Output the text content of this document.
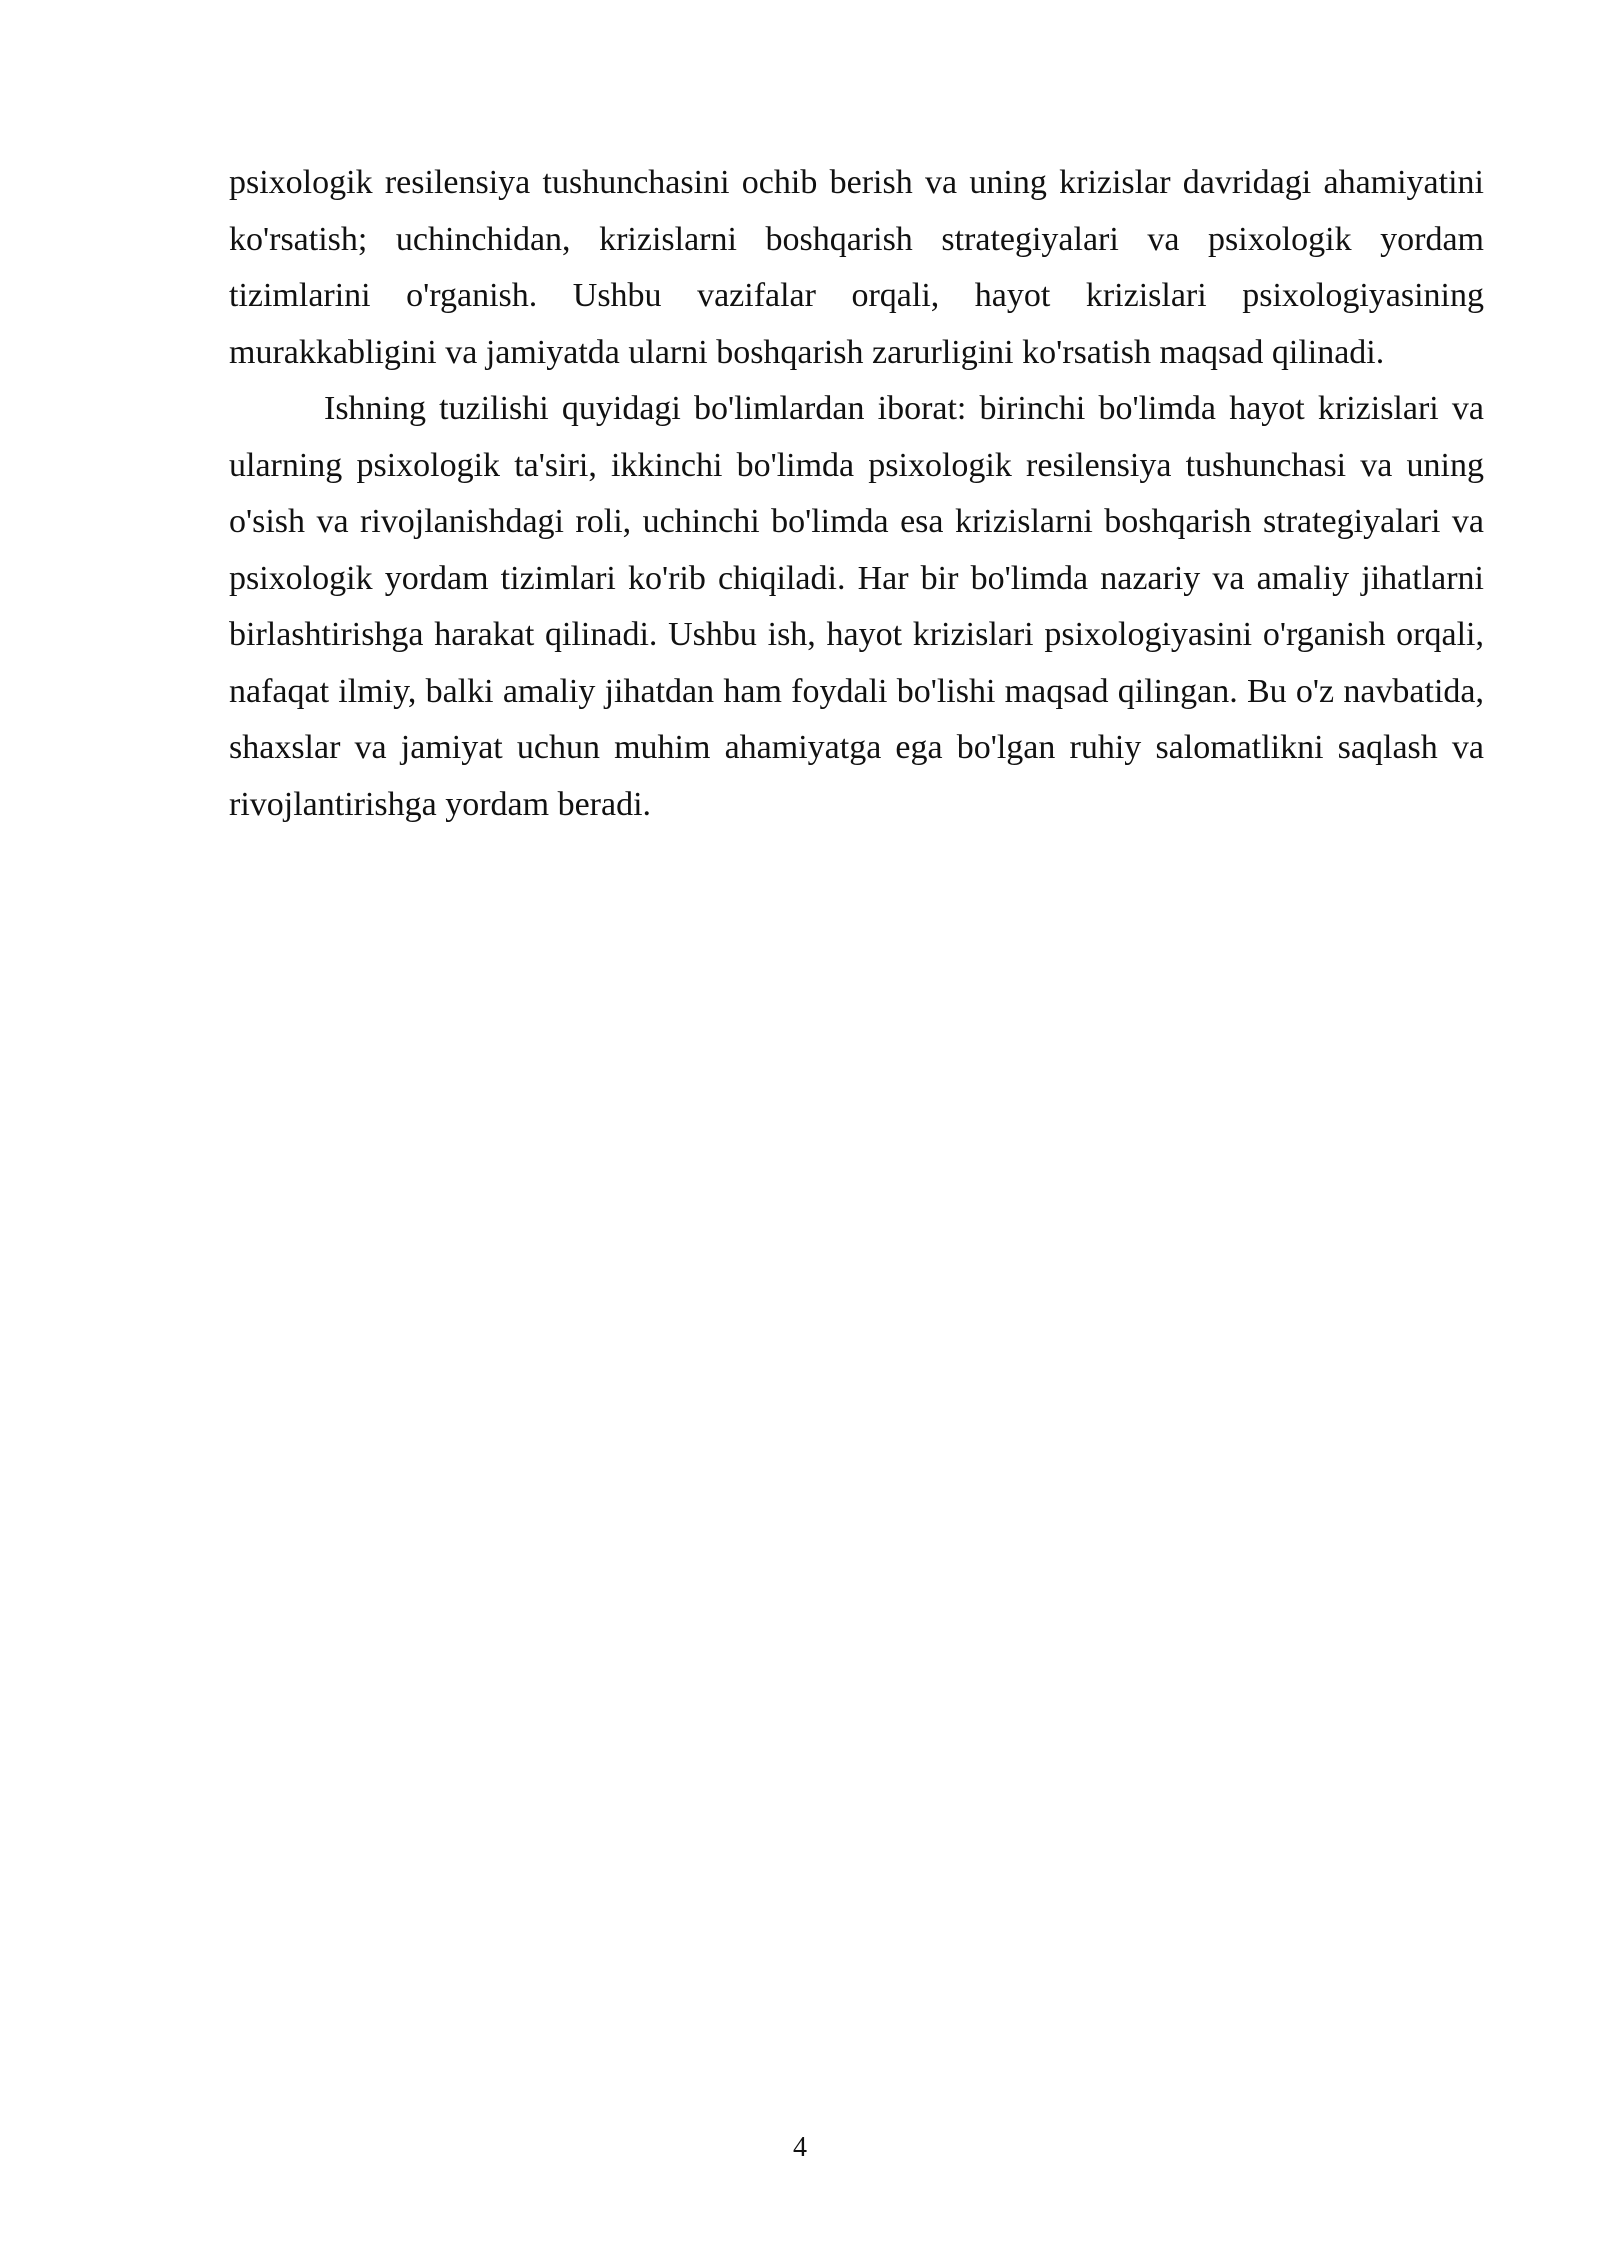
psixologik resilensiya tushunchasini ochib berish va uning krizislar davridagi ahamiyatini ko'rsatish; uchinchidan, krizislarni boshqarish strategiyalari va psixologik yordam tizimlarini o'rganish. Ushbu vazifalar orqali, hayot krizislari psixologiyasining murakkabligini va jamiyatda ularni boshqarish zarurligini ko'rsatish maqsad qilinadi.

Ishning tuzilishi quyidagi bo'limlardan iborat: birinchi bo'limda hayot krizislari va ularning psixologik ta'siri, ikkinchi bo'limda psixologik resilensiya tushunchasi va uning o'sish va rivojlanishdagi roli, uchinchi bo'limda esa krizislarni boshqarish strategiyalari va psixologik yordam tizimlari ko'rib chiqiladi. Har bir bo'limda nazariy va amaliy jihatlarni birlashtirishga harakat qilinadi. Ushbu ish, hayot krizislari psixologiyasini o'rganish orqali, nafaqat ilmiy, balki amaliy jihatdan ham foydali bo'lishi maqsad qilingan. Bu o'z navbatida, shaxslar va jamiyat uchun muhim ahamiyatga ega bo'lgan ruhiy salomatlikni saqlash va rivojlantirishga yordam beradi.

4
